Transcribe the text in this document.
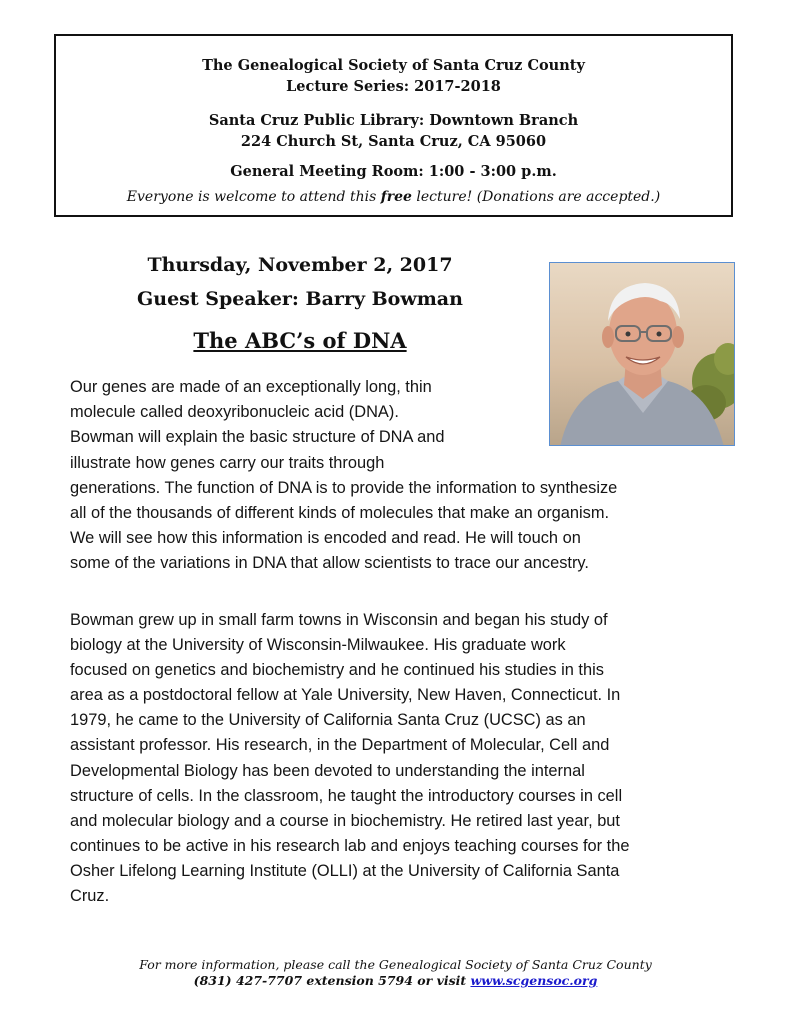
The Genealogical Society of Santa Cruz County
Lecture Series: 2017-2018
Santa Cruz Public Library: Downtown Branch
224 Church St, Santa Cruz, CA 95060
General Meeting Room: 1:00 - 3:00 p.m.
Everyone is welcome to attend this free lecture! (Donations are accepted.)
Thursday, November 2, 2017
Guest Speaker: Barry Bowman
The ABC’s of DNA
Our genes are made of an exceptionally long, thin
molecule called deoxyribonucleic acid (DNA).
Bowman will explain the basic structure of DNA and
illustrate how genes carry our traits through
generations. The function of DNA is to provide the information to synthesize
all of the thousands of different kinds of molecules that make an organism.
We will see how this information is encoded and read. He will touch on
some of the variations in DNA that allow scientists to trace our ancestry.
Bowman grew up in small farm towns in Wisconsin and began his study of
biology at the University of Wisconsin-Milwaukee. His graduate work
focused on genetics and biochemistry and he continued his studies in this
area as a postdoctoral fellow at Yale University, New Haven, Connecticut. In
1979, he came to the University of California Santa Cruz (UCSC) as an
assistant professor. His research, in the Department of Molecular, Cell and
Developmental Biology has been devoted to understanding the internal
structure of cells. In the classroom, he taught the introductory courses in cell
and molecular biology and a course in biochemistry. He retired last year, but
continues to be active in his research lab and enjoys teaching courses for the
Osher Lifelong Learning Institute (OLLI) at the University of California Santa
Cruz.
For more information, please call the Genealogical Society of Santa Cruz County
(831) 427-7707 extension 5794 or visit www.scgensoc.org
